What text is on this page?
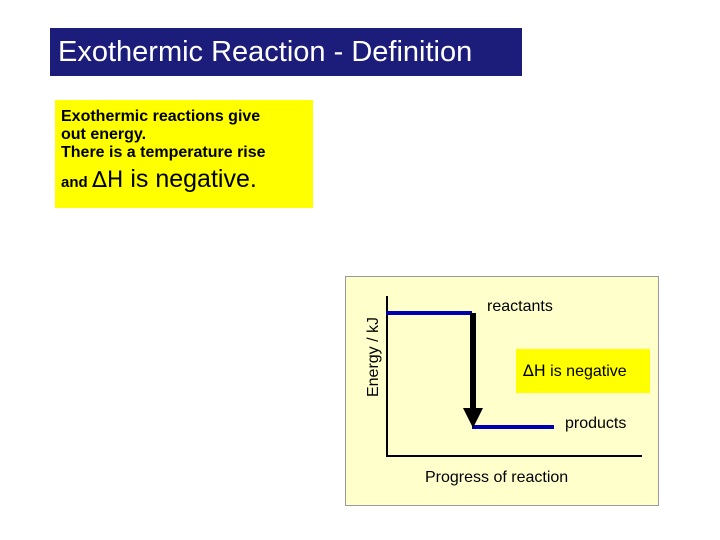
Exothermic Reaction - Definition
Exothermic reactions give
out energy.
There is a temperature rise
and ∆H is negative.
Energy / kJ
reactants
products
∆H is negative
Progress of reaction
